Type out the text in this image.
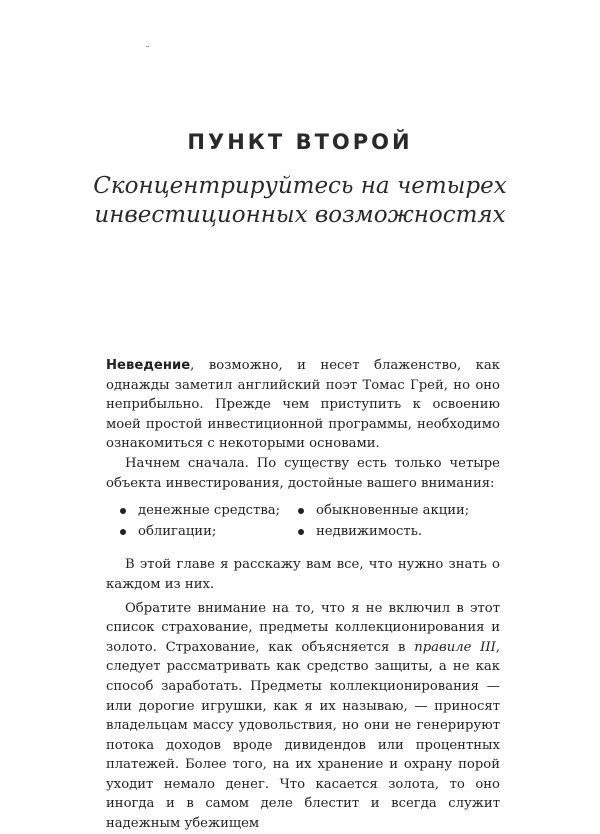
ПУНКТ ВТОРОЙ
Сконцентрируйтесь на четырех
инвестиционных возможностях

Неведение, возможно, и несет блаженство, как однажды заметил английский поэт Томас Грей, но оно неприбыльно. Прежде чем приступить к освоению моей простой инвестиционной программы, необходимо ознакомиться с некоторыми основами.

Начнем сначала. По существу есть только четыре объекта инвестирования, достойные вашего внимания:

денежные средства;	обыкновенные акции;
облигации;	недвижимость.

В этой главе я расскажу вам все, что нужно знать о каждом из них.

Обратите внимание на то, что я не включил в этот список страхование, предметы коллекционирования и золото. Страхование, как объясняется в правиле III, следует рассматривать как средство защиты, а не как способ заработать. Предметы коллекционирования — или дорогие игрушки, как я их называю, — приносят владельцам массу удовольствия, но они не генерируют потока доходов вроде дивидендов или процентных платежей. Более того, на их хранение и охрану порой уходит немало денег. Что касается золота, то оно иногда и в самом деле блестит и всегда служит надежным убежищем
